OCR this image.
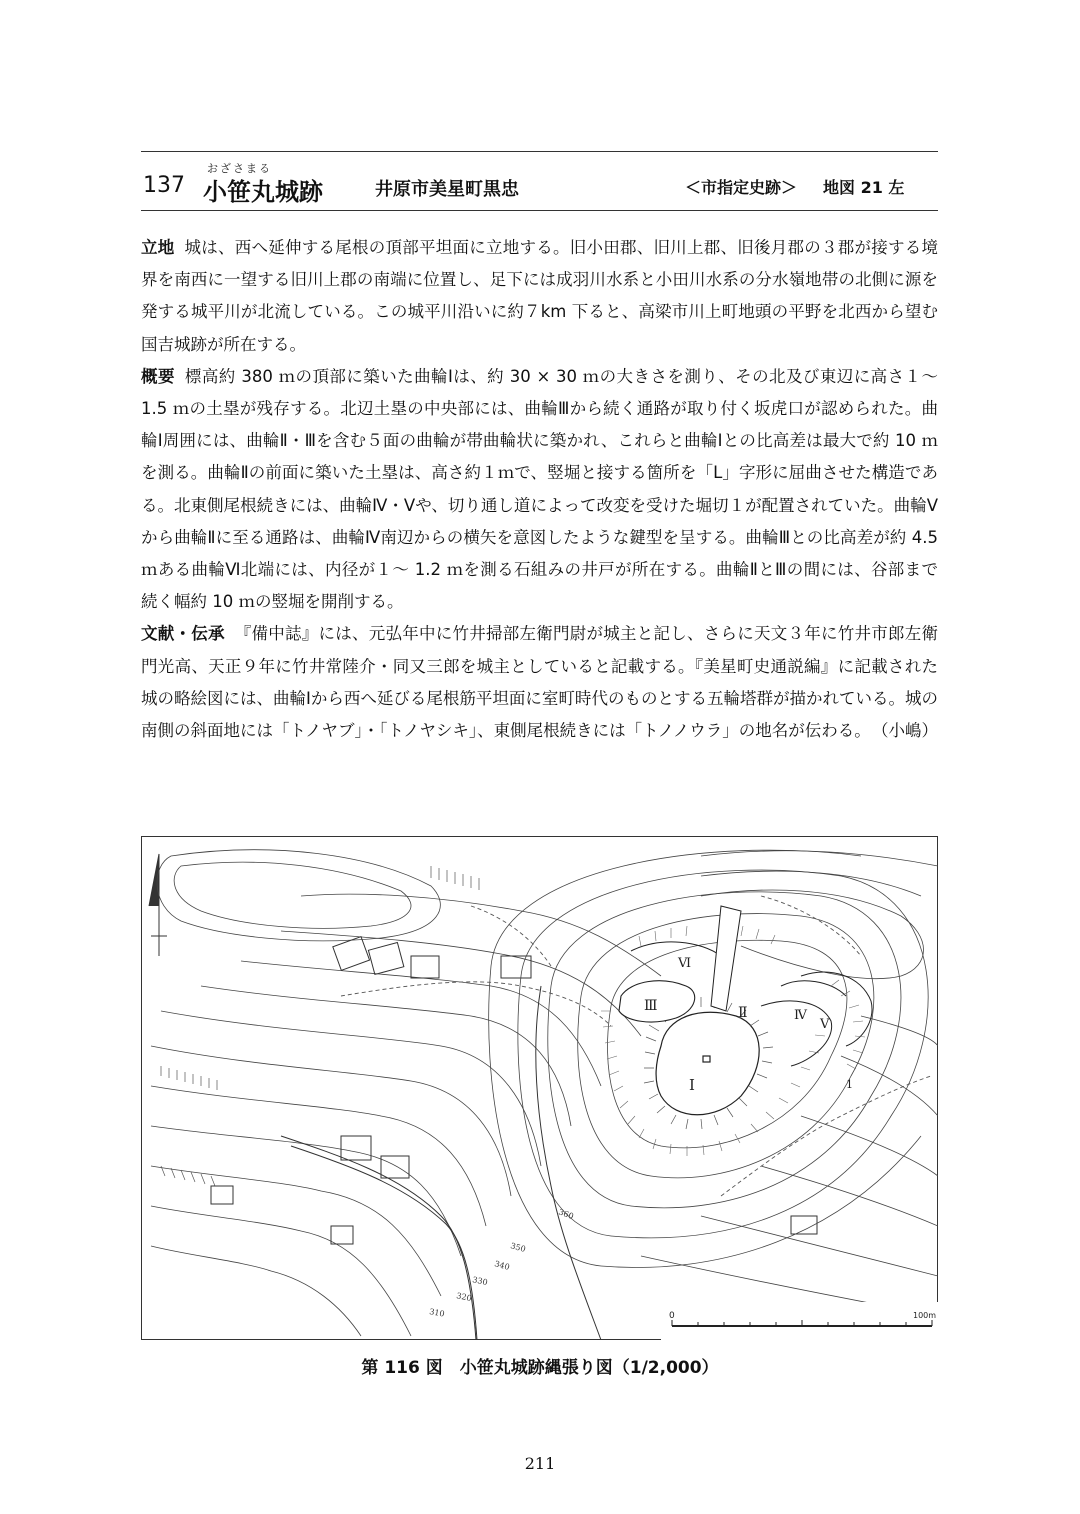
おざさまる
137 小笹丸城跡	井原市美星町黒忠	＜市指定史跡＞ 地図 21 左

立地 城は、西へ延伸する尾根の頂部平坦面に立地する。旧小田郡、旧川上郡、旧後月郡の３郡が接する境界を南西に一望する旧川上郡の南端に位置し、足下には成羽川水系と小田川水系の分水嶺地帯の北側に源を発する城平川が北流している。この城平川沿いに約７km 下ると、高梁市川上町地頭の平野を北西から望む国吉城跡が所在する。

概要 標高約 380 ｍの頂部に築いた曲輪Ⅰは、約 30 × 30 ｍの大きさを測り、その北及び東辺に高さ１～ 1.5 ｍの土塁が残存する。北辺土塁の中央部には、曲輪Ⅲから続く通路が取り付く坂虎口が認められた。曲輪Ⅰ周囲には、曲輪Ⅱ・Ⅲを含む５面の曲輪が帯曲輪状に築かれ、これらと曲輪Ⅰとの比高差は最大で約 10 ｍを測る。曲輪Ⅱの前面に築いた土塁は、高さ約１ｍで、竪堀と接する箇所を「L」字形に屈曲させた構造である。北東側尾根続きには、曲輪Ⅳ・Ⅴや、切り通し道によって改変を受けた堀切１が配置されていた。曲輪Ⅴから曲輪Ⅱに至る通路は、曲輪Ⅳ南辺からの横矢を意図したような鍵型を呈する。曲輪Ⅲとの比高差が約 4.5 ｍある曲輪Ⅵ北端には、内径が１～ 1.2 ｍを測る石組みの井戸が所在する。曲輪ⅡとⅢの間には、谷部まで続く幅約 10 ｍの竪堀を開削する。

文献・伝承 『備中誌』には、元弘年中に竹井掃部左衛門尉が城主と記し、さらに天文３年に竹井市郎左衛門光高、天正９年に竹井常陸介・同又三郎を城主としていると記載する。『美星町史通説編』に記載された城の略絵図には、曲輪Ⅰから西へ延びる尾根筋平坦面に室町時代のものとする五輪塔群が描かれている。城の南側の斜面地には「トノヤブ」・「トノヤシキ」、東側尾根続きには「トノノウラ」の地名が伝わる。 （小嶋）
Ⅰ
Ⅱ
Ⅲ
Ⅳ
Ⅴ
Ⅵ
1
360
350
340
330
320
310	0	100m
第 116 図　小笹丸城跡縄張り図（1/2,000）
211
